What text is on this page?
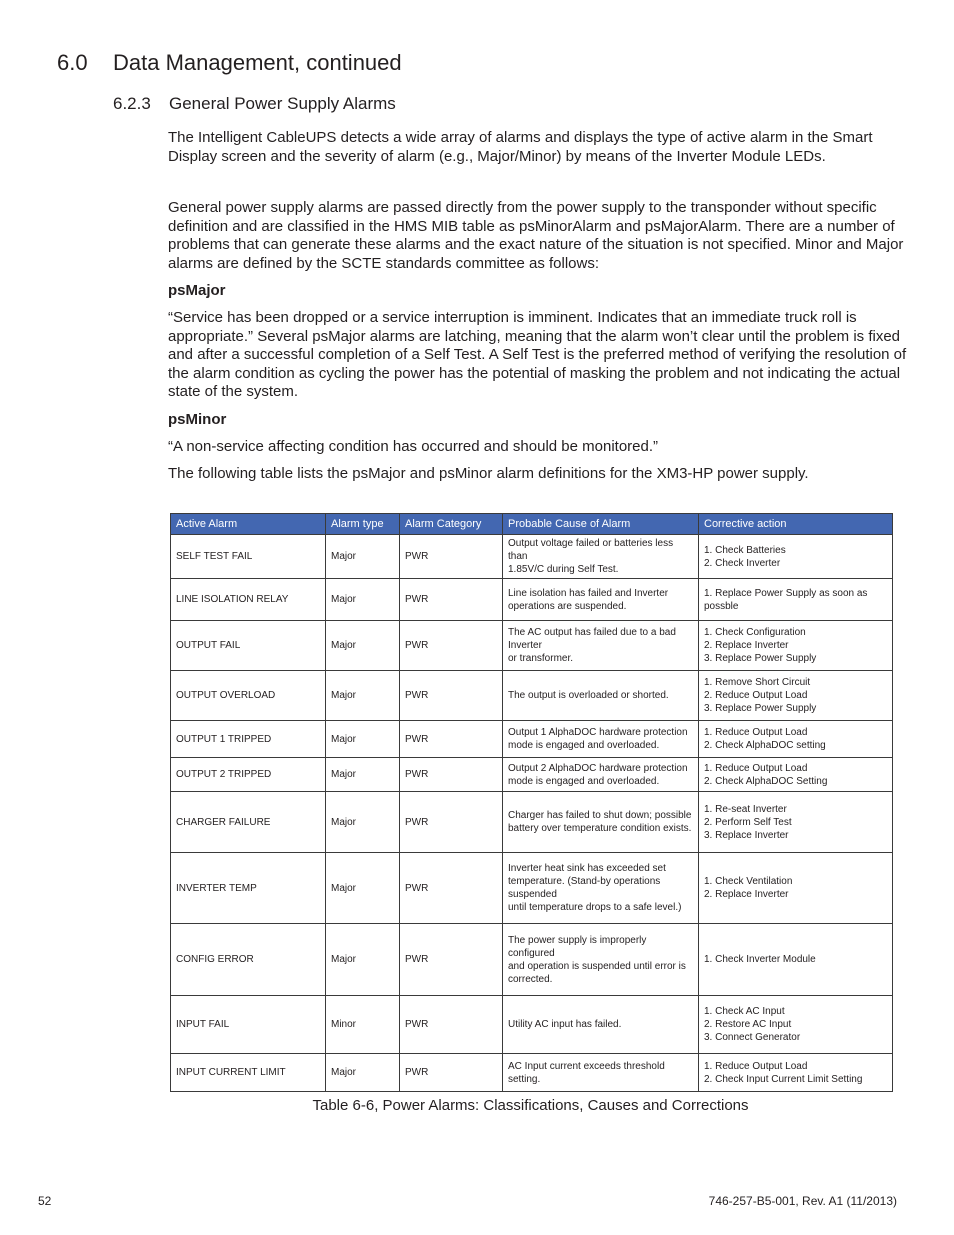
6.0 Data Management, continued
6.2.3 General Power Supply Alarms

The Intelligent CableUPS detects a wide array of alarms and displays the type of active alarm in the Smart Display screen and the severity of alarm (e.g., Major/Minor) by means of the Inverter Module LEDs.

General power supply alarms are passed directly from the power supply to the transponder without specific definition and are classified in the HMS MIB table as psMinorAlarm and psMajorAlarm. There are a number of problems that can generate these alarms and the exact nature of the situation is not specified. Minor and Major alarms are defined by the SCTE standards committee as follows:

psMajor

“Service has been dropped or a service interruption is imminent. Indicates that an immediate truck roll is appropriate.” Several psMajor alarms are latching, meaning that the alarm won’t clear until the problem is fixed and after a successful completion of a Self Test. A Self Test is the preferred method of verifying the resolution of the alarm condition as cycling the power has the potential of masking the problem and not indicating the actual state of the system.

psMinor

“A non-service affecting condition has occurred and should be monitored.”

The following table lists the psMajor and psMinor alarm definitions for the XM3-HP power supply.

Active Alarm	Alarm type	Alarm Category	Probable Cause of Alarm	Corrective action
SELF TEST FAIL	Major	PWR	Output voltage failed or batteries less than
1.85V/C during Self Test.	1. Check Batteries
2. Check Inverter

LINE ISOLATION RELAY	Major	PWR	Line isolation has failed and Inverter
operations are suspended.	1. Replace Power Supply as soon as possble

OUTPUT FAIL	Major	PWR	The AC output has failed due to a bad Inverter
or transformer.	1. Check Configuration
2. Replace Inverter
3. Replace Power Supply

OUTPUT OVERLOAD	Major	PWR	The output is overloaded or shorted.	1. Remove Short Circuit
2. Reduce Output Load
3. Replace Power Supply

OUTPUT 1 TRIPPED	Major	PWR	Output 1 AlphaDOC hardware protection
mode is engaged and overloaded.	1. Reduce Output Load
2. Check AlphaDOC setting

OUTPUT 2 TRIPPED	Major	PWR	Output 2 AlphaDOC hardware protection
mode is engaged and overloaded.	1. Reduce Output Load
2. Check AlphaDOC Setting

CHARGER FAILURE	Major	PWR	Charger has failed to shut down; possible
battery over temperature condition exists.	1. Re-seat Inverter
2. Perform Self Test
3. Replace Inverter

INVERTER TEMP	Major	PWR	Inverter heat sink has exceeded set
temperature. (Stand-by operations suspended
until temperature drops to a safe level.)	1. Check Ventilation
2. Replace Inverter

CONFIG ERROR	Major	PWR	The power supply is improperly configured
and operation is suspended until error is
corrected.	1. Check Inverter Module

INPUT FAIL	Minor	PWR	Utility AC input has failed.	1. Check AC Input
2. Restore AC Input
3. Connect Generator

INPUT CURRENT LIMIT	Major	PWR	AC Input current exceeds threshold setting.	1. Reduce Output Load
2. Check Input Current Limit Setting

Table 6-6, Power Alarms: Classifications, Causes and Corrections

52	746-257-B5-001, Rev. A1 (11/2013)
